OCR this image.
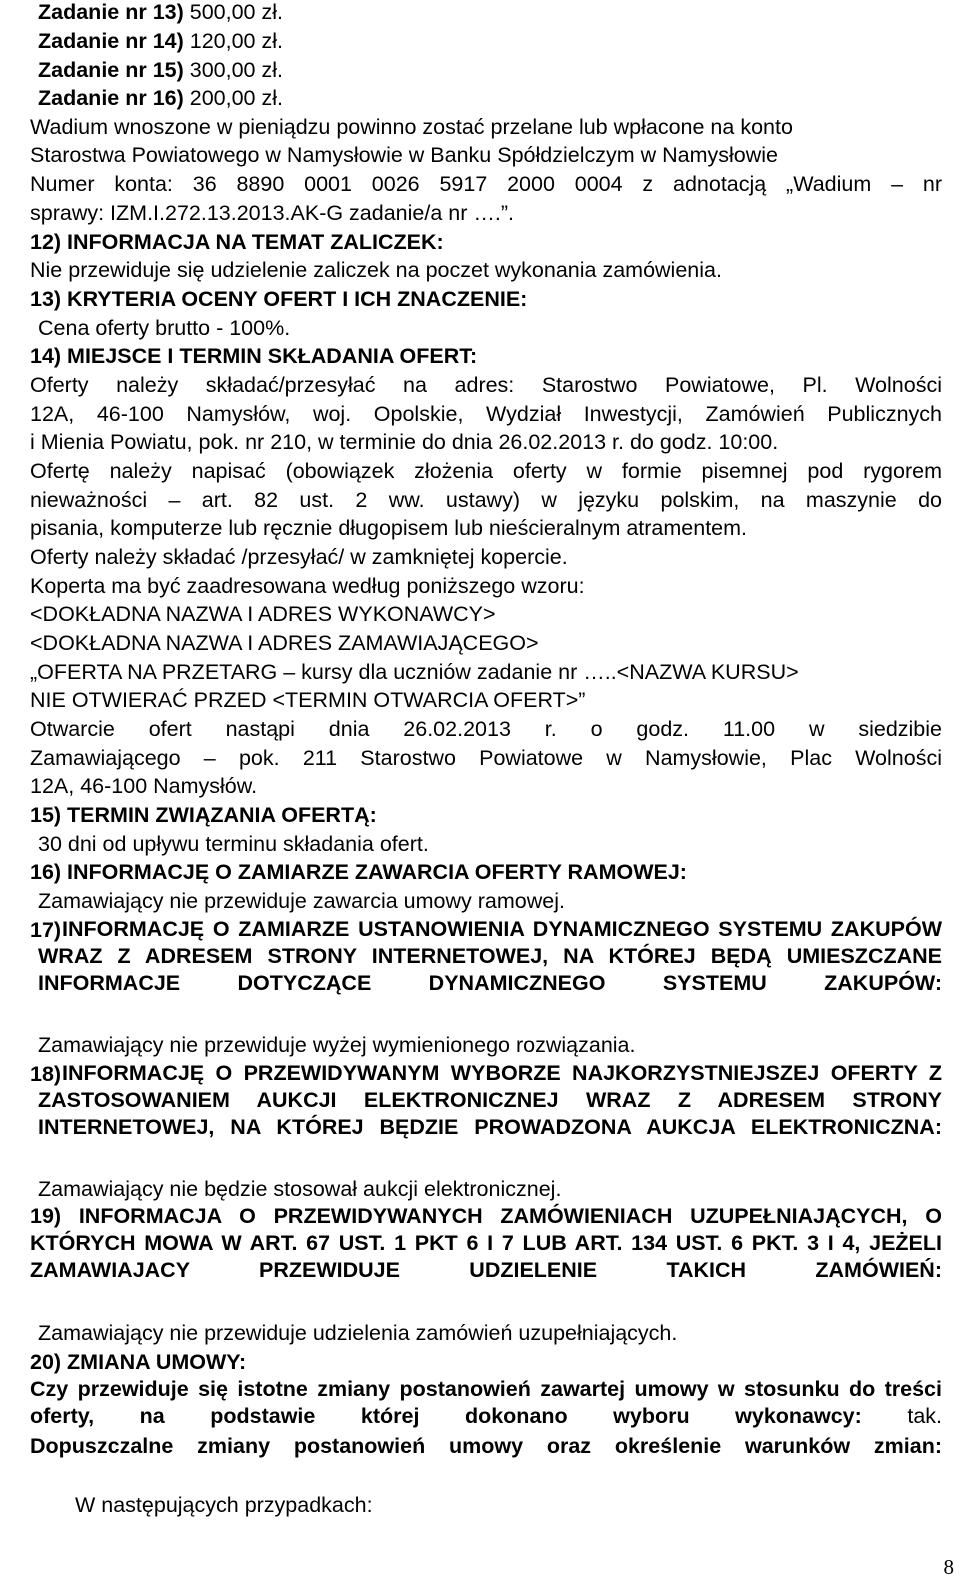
Zadanie nr 13) 500,00 zł.
Zadanie nr 14) 120,00 zł.
Zadanie nr 15) 300,00 zł.
Zadanie nr 16) 200,00 zł.
Wadium wnoszone w pieniądzu powinno zostać przelane lub wpłacone na konto
Starostwa Powiatowego w Namysłowie w Banku Spółdzielczym w Namysłowie
Numer konta: 36 8890 0001 0026 5917 2000 0004 z adnotacją „Wadium – nr
sprawy: IZM.I.272.13.2013.AK-G zadanie/a nr ….”.
12) INFORMACJA NA TEMAT ZALICZEK:
Nie przewiduje się udzielenie zaliczek na poczet wykonania zamówienia.
13) KRYTERIA OCENY OFERT I ICH ZNACZENIE:
Cena oferty brutto - 100%.
14) MIEJSCE I TERMIN SKŁADANIA OFERT:
Oferty należy składać/przesyłać na adres: Starostwo Powiatowe, Pl. Wolności
12A, 46-100 Namysłów, woj. Opolskie, Wydział Inwestycji, Zamówień Publicznych
i Mienia Powiatu, pok. nr 210, w terminie do dnia 26.02.2013 r. do godz. 10:00.
Ofertę należy napisać (obowiązek złożenia oferty w formie pisemnej pod rygorem
nieważności – art. 82 ust. 2 ww. ustawy) w języku polskim, na maszynie do
pisania, komputerze lub ręcznie długopisem lub nieścieralnym atramentem.
Oferty należy składać /przesyłać/ w zamkniętej kopercie.
Koperta ma być zaadresowana według poniższego wzoru:
<DOKŁADNA NAZWA I ADRES WYKONAWCY>
<DOKŁADNA NAZWA I ADRES ZAMAWIAJĄCEGO>
„OFERTA NA PRZETARG – kursy dla uczniów zadanie nr …..<NAZWA KURSU>
NIE OTWIERAĆ PRZED <TERMIN OTWARCIA OFERT>”
Otwarcie ofert nastąpi dnia 26.02.2013 r. o godz. 11.00 w siedzibie
Zamawiającego – pok. 211 Starostwo Powiatowe w Namysłowie, Plac Wolności
12A, 46-100 Namysłów.
15) TERMIN ZWIĄZANIA OFERTĄ:
30 dni od upływu terminu składania ofert.
16) INFORMACJĘ O ZAMIARZE ZAWARCIA OFERTY RAMOWEJ:
Zamawiający nie przewiduje zawarcia umowy ramowej.
17) INFORMACJĘ O ZAMIARZE USTANOWIENIA DYNAMICZNEGO SYSTEMU ZAKUPÓW WRAZ Z ADRESEM STRONY INTERNETOWEJ, NA KTÓREJ BĘDĄ UMIESZCZANE INFORMACJE DOTYCZĄCE DYNAMICZNEGO SYSTEMU ZAKUPÓW:
Zamawiający nie przewiduje wyżej wymienionego rozwiązania.
18) INFORMACJĘ O PRZEWIDYWANYM WYBORZE NAJKORZYSTNIEJSZEJ OFERTY Z ZASTOSOWANIEM AUKCJI ELEKTRONICZNEJ WRAZ Z ADRESEM STRONY INTERNETOWEJ, NA KTÓREJ BĘDZIE PROWADZONA AUKCJA ELEKTRONICZNA:
Zamawiający nie będzie stosował aukcji elektronicznej.
19) INFORMACJA O PRZEWIDYWANYCH ZAMÓWIENIACH UZUPEŁNIAJĄCYCH, O KTÓRYCH MOWA W ART. 67 UST. 1 PKT 6 I 7 LUB ART. 134 UST. 6 PKT. 3 I 4, JEŻELI ZAMAWIAJACY PRZEWIDUJE UDZIELENIE TAKICH ZAMÓWIEŃ:
Zamawiający nie przewiduje udzielenia zamówień uzupełniających.
20) ZMIANA UMOWY:
Czy przewiduje się istotne zmiany postanowień zawartej umowy w stosunku do treści oferty, na podstawie której dokonano wyboru wykonawcy: tak.
Dopuszczalne zmiany postanowień umowy oraz określenie warunków zmian:
W następujących przypadkach:
8
